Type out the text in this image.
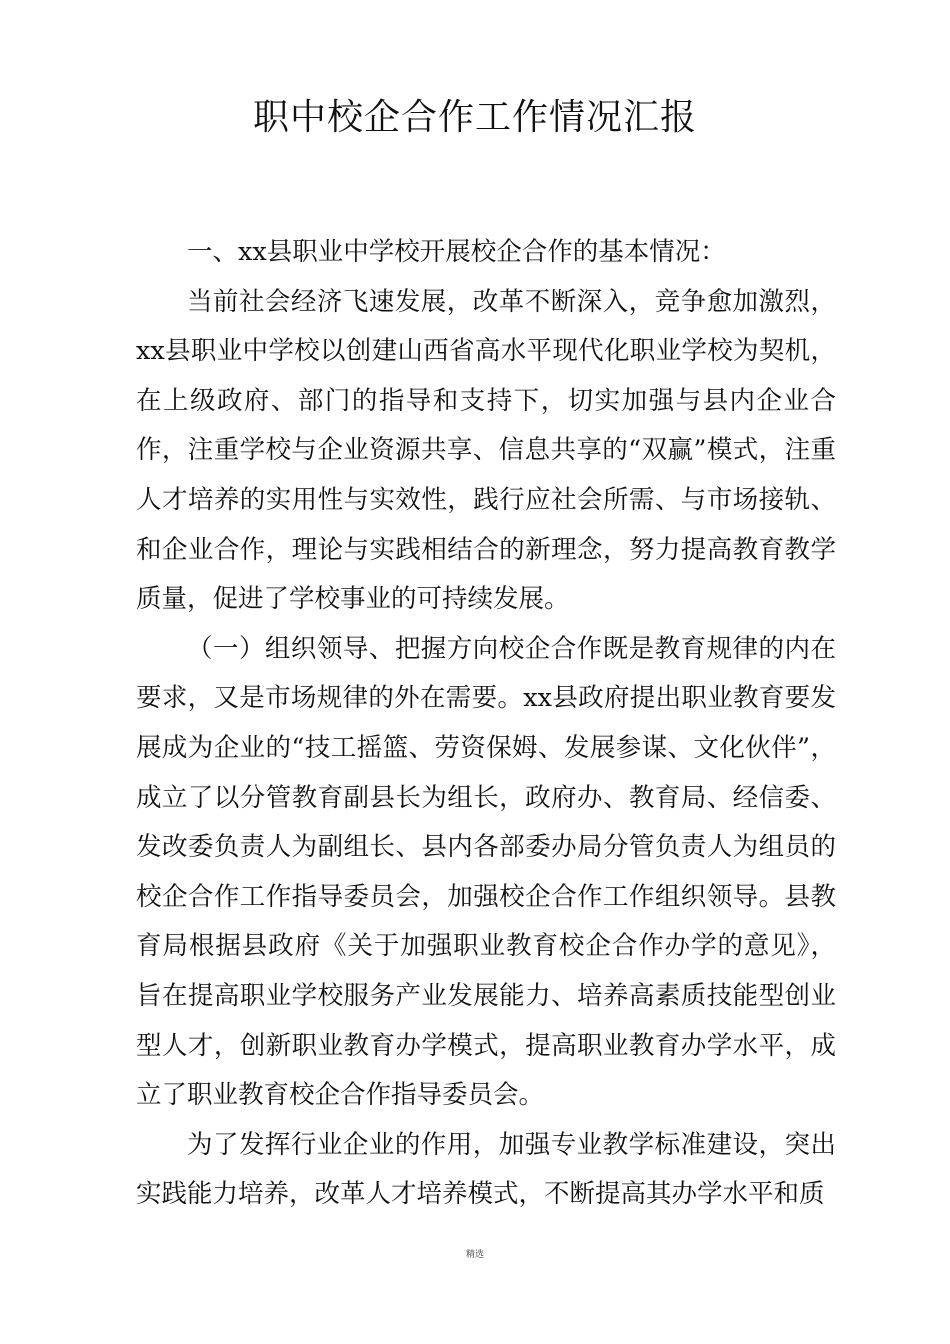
职中校企合作工作情况汇报

一、xx县职业中学校开展校企合作的基本情况：

当前社会经济飞速发展，改革不断深入，竞争愈加激烈，xx县职业中学校以创建山西省高水平现代化职业学校为契机，在上级政府、部门的指导和支持下，切实加强与县内企业合作，注重学校与企业资源共享、信息共享的“双赢”模式，注重人才培养的实用性与实效性，践行应社会所需、与市场接轨、和企业合作，理论与实践相结合的新理念，努力提高教育教学质量，促进了学校事业的可持续发展。

（一）组织领导、把握方向校企合作既是教育规律的内在要求，又是市场规律的外在需要。xx县政府提出职业教育要发展成为企业的“技工摇篮、劳资保姆、发展参谋、文化伙伴”，成立了以分管教育副县长为组长，政府办、教育局、经信委、发改委负责人为副组长、县内各部委办局分管负责人为组员的校企合作工作指导委员会，加强校企合作工作组织领导。县教育局根据县政府《关于加强职业教育校企合作办学的意见》，旨在提高职业学校服务产业发展能力、培养高素质技能型创业型人才，创新职业教育办学模式，提高职业教育办学水平，成立了职业教育校企合作指导委员会。

为了发挥行业企业的作用，加强专业教学标准建设，突出实践能力培养，改革人才培养模式，不断提高其办学水平和质

精选
